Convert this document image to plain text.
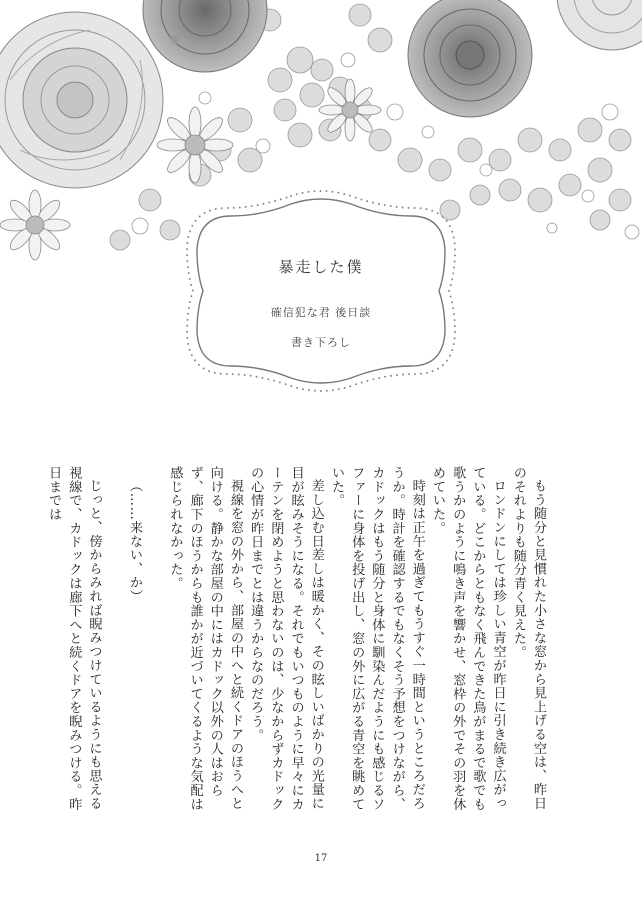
暴走した僕
確信犯な君 後日談
書き下ろし

もう随分と見慣れた小さな窓から見上げる空は、昨日のそれよりも随分青く見えた。

ロンドンにしては珍しい青空が昨日に引き続き広がっている。どこからともなく飛んできた鳥がまるで歌でも歌うかのように鳴き声を響かせ、窓枠の外でその羽を休めていた。

時刻は正午を過ぎてもうすぐ一時間というところだろうか。時計を確認するでもなくそう予想をつけながら、カドックはもう随分と身体に馴染んだようにも感じるソファーに身体を投げ出し、窓の外に広がる青空を眺めていた。

差し込む日差しは暖かく、その眩しいばかりの光量に目が眩みそうになる。それでもいつものように早々にカーテンを閉めようと思わないのは、少なからずカドックの心情が昨日までとは違うからなのだろう。

視線を窓の外から、部屋の中へと続くドアのほうへと向ける。静かな部屋の中にはカドック以外の人はおらず、廊下のほうからも誰かが近づいてくるような気配は感じられなかった。

（……来ない、か）

じっと、傍からみれば睨みつけているようにも思える視線で、カドックは廊下へと続くドアを睨みつける。昨日までは

17
